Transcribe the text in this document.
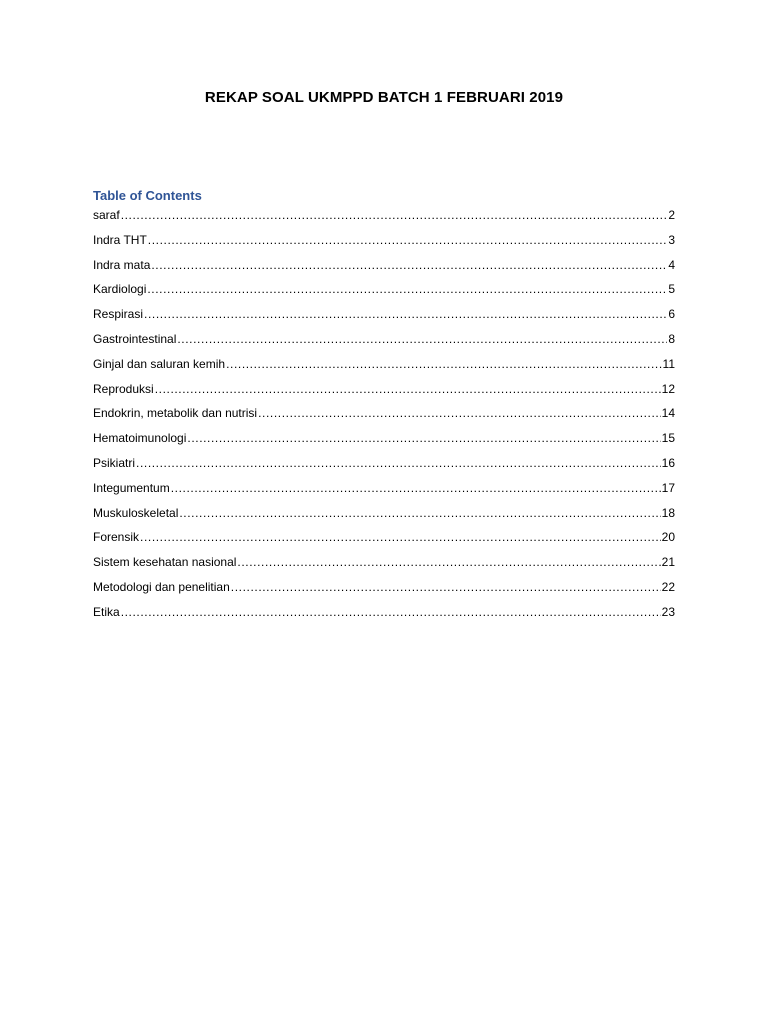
REKAP SOAL UKMPPD BATCH 1 FEBRUARI 2019
Table of Contents
saraf .....	2
Indra THT .....	3
Indra mata .....	4
Kardiologi .....	5
Respirasi .....	6
Gastrointestinal .....	8
Ginjal dan saluran kemih .....	11
Reproduksi .....	12
Endokrin, metabolik dan nutrisi .....	14
Hematoimunologi .....	15
Psikiatri .....	16
Integumentum .....	17
Muskuloskeletal .....	18
Forensik .....	20
Sistem kesehatan nasional .....	21
Metodologi dan penelitian .....	22
Etika .....	23
